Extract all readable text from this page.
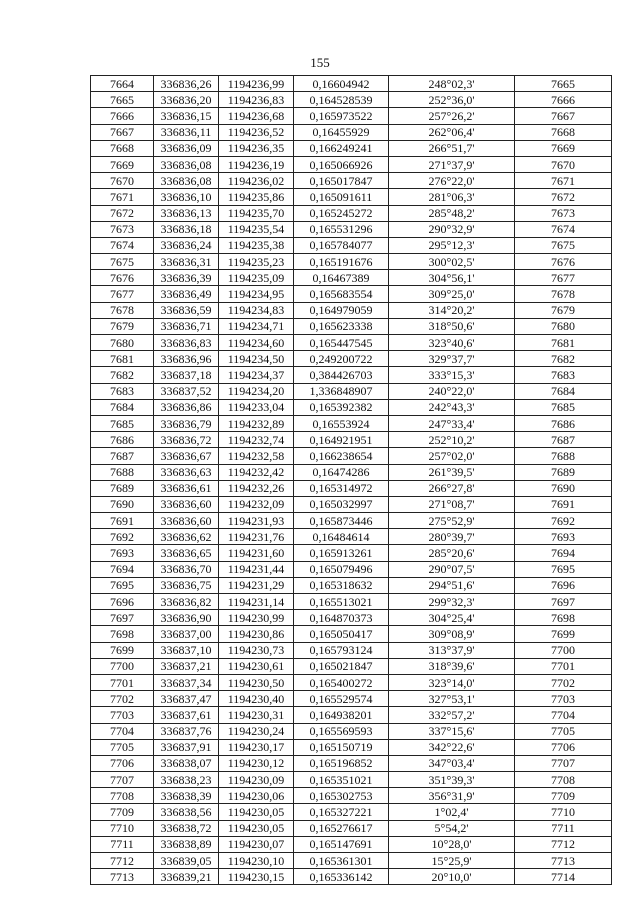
155
7664	336836,26	1194236,99	0,16604942	248°02,3'	7665
7665	336836,20	1194236,83	0,164528539	252°36,0'	7666
7666	336836,15	1194236,68	0,165973522	257°26,2'	7667
7667	336836,11	1194236,52	0,16455929	262°06,4'	7668
7668	336836,09	1194236,35	0,166249241	266°51,7'	7669
7669	336836,08	1194236,19	0,165066926	271°37,9'	7670
7670	336836,08	1194236,02	0,165017847	276°22,0'	7671
7671	336836,10	1194235,86	0,165091611	281°06,3'	7672
7672	336836,13	1194235,70	0,165245272	285°48,2'	7673
7673	336836,18	1194235,54	0,165531296	290°32,9'	7674
7674	336836,24	1194235,38	0,165784077	295°12,3'	7675
7675	336836,31	1194235,23	0,165191676	300°02,5'	7676
7676	336836,39	1194235,09	0,16467389	304°56,1'	7677
7677	336836,49	1194234,95	0,165683554	309°25,0'	7678
7678	336836,59	1194234,83	0,164979059	314°20,2'	7679
7679	336836,71	1194234,71	0,165623338	318°50,6'	7680
7680	336836,83	1194234,60	0,165447545	323°40,6'	7681
7681	336836,96	1194234,50	0,249200722	329°37,7'	7682
7682	336837,18	1194234,37	0,384426703	333°15,3'	7683
7683	336837,52	1194234,20	1,336848907	240°22,0'	7684
7684	336836,86	1194233,04	0,165392382	242°43,3'	7685
7685	336836,79	1194232,89	0,16553924	247°33,4'	7686
7686	336836,72	1194232,74	0,164921951	252°10,2'	7687
7687	336836,67	1194232,58	0,166238654	257°02,0'	7688
7688	336836,63	1194232,42	0,16474286	261°39,5'	7689
7689	336836,61	1194232,26	0,165314972	266°27,8'	7690
7690	336836,60	1194232,09	0,165032997	271°08,7'	7691
7691	336836,60	1194231,93	0,165873446	275°52,9'	7692
7692	336836,62	1194231,76	0,16484614	280°39,7'	7693
7693	336836,65	1194231,60	0,165913261	285°20,6'	7694
7694	336836,70	1194231,44	0,165079496	290°07,5'	7695
7695	336836,75	1194231,29	0,165318632	294°51,6'	7696
7696	336836,82	1194231,14	0,165513021	299°32,3'	7697
7697	336836,90	1194230,99	0,164870373	304°25,4'	7698
7698	336837,00	1194230,86	0,165050417	309°08,9'	7699
7699	336837,10	1194230,73	0,165793124	313°37,9'	7700
7700	336837,21	1194230,61	0,165021847	318°39,6'	7701
7701	336837,34	1194230,50	0,165400272	323°14,0'	7702
7702	336837,47	1194230,40	0,165529574	327°53,1'	7703
7703	336837,61	1194230,31	0,164938201	332°57,2'	7704
7704	336837,76	1194230,24	0,165569593	337°15,6'	7705
7705	336837,91	1194230,17	0,165150719	342°22,6'	7706
7706	336838,07	1194230,12	0,165196852	347°03,4'	7707
7707	336838,23	1194230,09	0,165351021	351°39,3'	7708
7708	336838,39	1194230,06	0,165302753	356°31,9'	7709
7709	336838,56	1194230,05	0,165327221	1°02,4'	7710
7710	336838,72	1194230,05	0,165276617	5°54,2'	7711
7711	336838,89	1194230,07	0,165147691	10°28,0'	7712
7712	336839,05	1194230,10	0,165361301	15°25,9'	7713
7713	336839,21	1194230,15	0,165336142	20°10,0'	7714
